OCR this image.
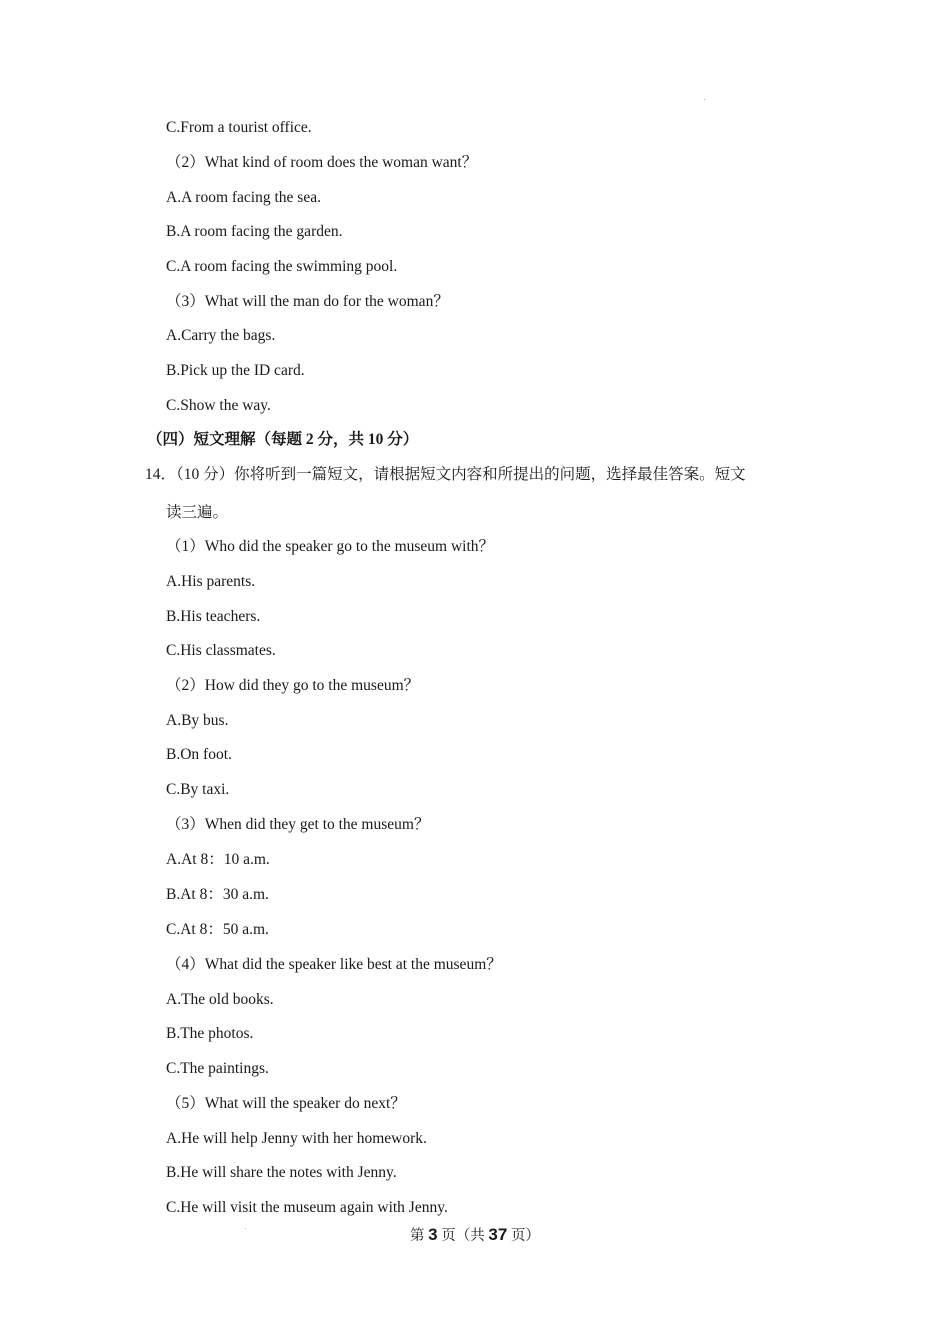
C.From a tourist office.
（2）What kind of room does the woman want？
A.A room facing the sea.
B.A room facing the garden.
C.A room facing the swimming pool.
（3）What will the man do for the woman？
A.Carry the bags.
B.Pick up the ID card.
C.Show the way.
（四）短文理解（每题 2 分，共 10 分）
14．（10 分）你将听到一篇短文，请根据短文内容和所提出的问题，选择最佳答案。短文
读三遍。
（1）Who did the speaker go to the museum with？
A.His parents.
B.His teachers.
C.His classmates.
（2）How did they go to the museum？
A.By bus.
B.On foot.
C.By taxi.
（3）When did they get to the museum？
A.At 8：10 a.m.
B.At 8：30 a.m.
C.At 8：50 a.m.
（4）What did the speaker like best at the museum？
A.The old books.
B.The photos.
C.The paintings.
（5）What will the speaker do next？
A.He will help Jenny with her homework.
B.He will share the notes with Jenny.
C.He will visit the museum again with Jenny.
第 3 页（共 37 页）
